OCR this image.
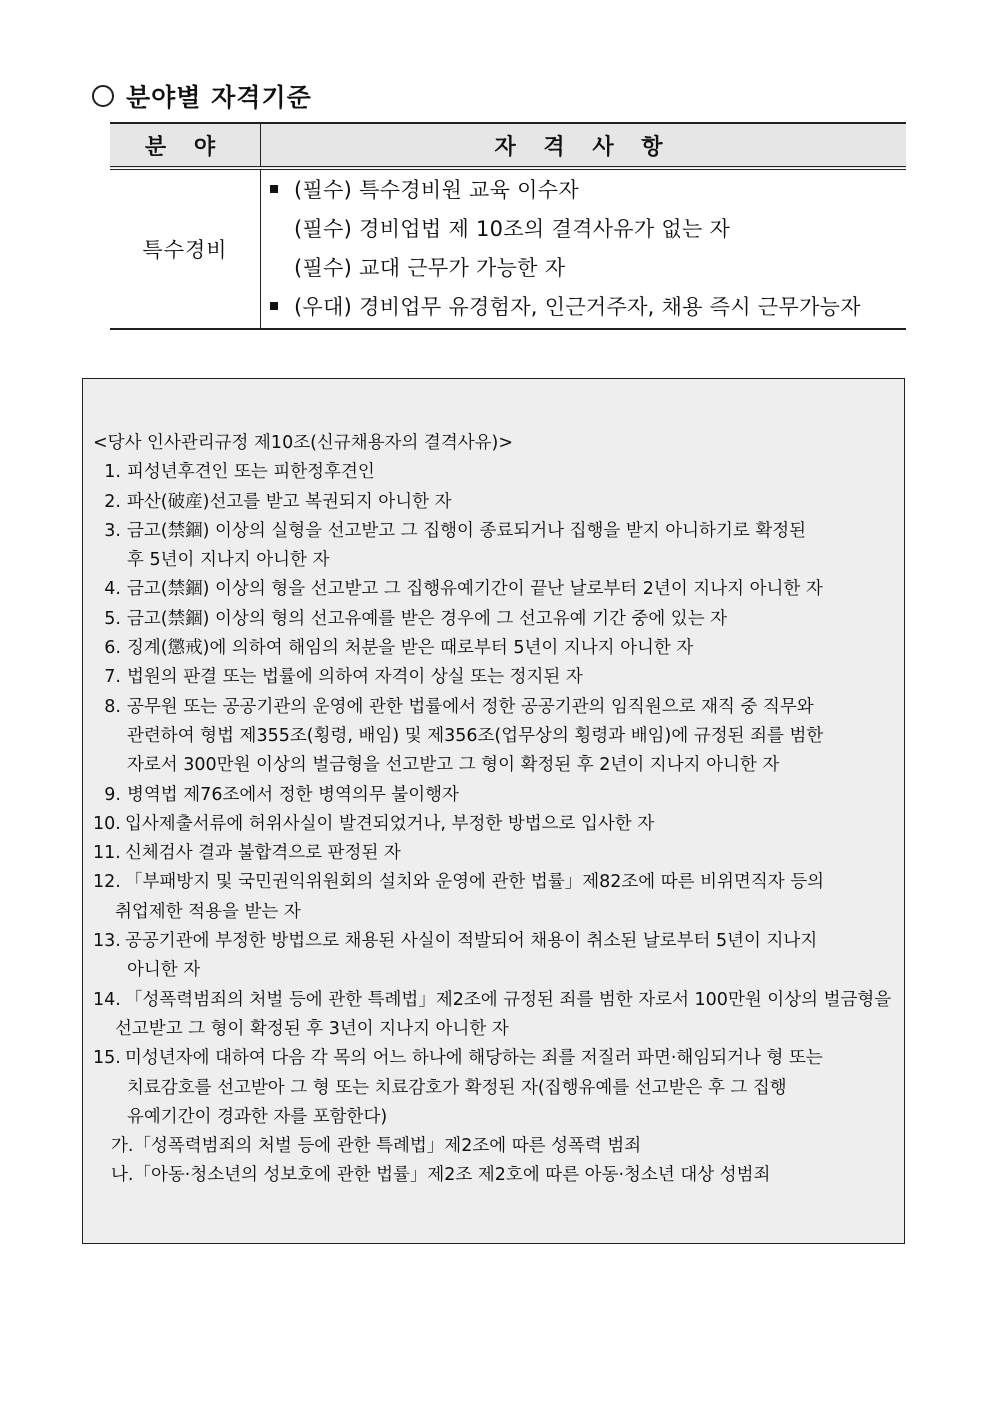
분야별 자격기준
분 야	자 격 사 항
특수경비	(필수) 특수경비원 교육 이수자
(필수) 경비업법 제 10조의 결격사유가 없는 자
(필수) 교대 근무가 가능한 자
(우대) 경비업무 유경험자, 인근거주자, 채용 즉시 근무가능자
<당사 인사관리규정 제10조(신규채용자의 결격사유)>
1. 피성년후견인 또는 피한정후견인
2. 파산(破産)선고를 받고 복권되지 아니한 자
3. 금고(禁錮) 이상의 실형을 선고받고 그 집행이 종료되거나 집행을 받지 아니하기로 확정된
후 5년이 지나지 아니한 자
4. 금고(禁錮) 이상의 형을 선고받고 그 집행유예기간이 끝난 날로부터 2년이 지나지 아니한 자
5. 금고(禁錮) 이상의 형의 선고유예를 받은 경우에 그 선고유예 기간 중에 있는 자
6. 징계(懲戒)에 의하여 해임의 처분을 받은 때로부터 5년이 지나지 아니한 자
7. 법원의 판결 또는 법률에 의하여 자격이 상실 또는 정지된 자
8. 공무원 또는 공공기관의 운영에 관한 법률에서 정한 공공기관의 임직원으로 재직 중 직무와
관련하여 형법 제355조(횡령, 배임) 및 제356조(업무상의 횡령과 배임)에 규정된 죄를 범한
자로서 300만원 이상의 벌금형을 선고받고 그 형이 확정된 후 2년이 지나지 아니한 자
9. 병역법 제76조에서 정한 병역의무 불이행자
10. 입사제출서류에 허위사실이 발견되었거나, 부정한 방법으로 입사한 자
11. 신체검사 결과 불합격으로 판정된 자
12. 「부패방지 및 국민권익위원회의 설치와 운영에 관한 법률」제82조에 따른 비위면직자 등의
취업제한 적용을 받는 자
13. 공공기관에 부정한 방법으로 채용된 사실이 적발되어 채용이 취소된 날로부터 5년이 지나지
아니한 자
14. 「성폭력범죄의 처벌 등에 관한 특례법」제2조에 규정된 죄를 범한 자로서 100만원 이상의 벌금형을
선고받고 그 형이 확정된 후 3년이 지나지 아니한 자
15. 미성년자에 대하여 다음 각 목의 어느 하나에 해당하는 죄를 저질러 파면·해임되거나 형 또는
치료감호를 선고받아 그 형 또는 치료감호가 확정된 자(집행유예를 선고받은 후 그 집행
유예기간이 경과한 자를 포함한다)
가.「성폭력범죄의 처벌 등에 관한 특례법」제2조에 따른 성폭력 범죄
나.「아동·청소년의 성보호에 관한 법률」제2조 제2호에 따른 아동·청소년 대상 성범죄
